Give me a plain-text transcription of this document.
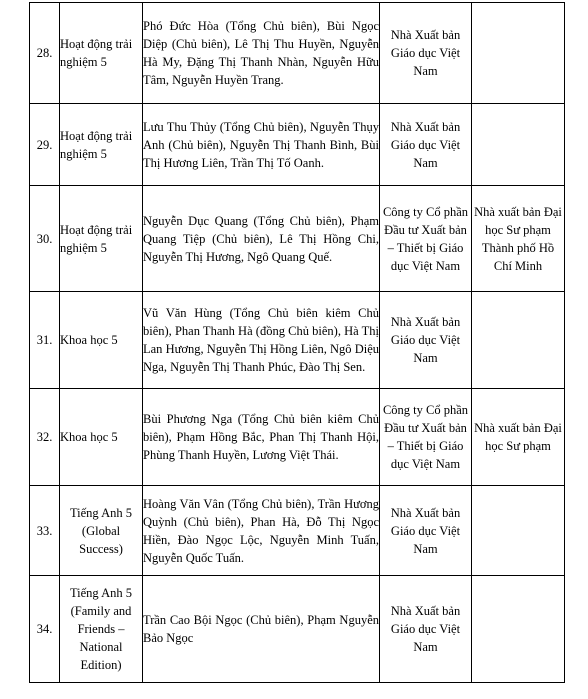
28.	Hoạt động trải nghiệm 5	Phó Đức Hòa (Tổng Chủ biên), Bùi Ngọc Diệp (Chủ biên), Lê Thị Thu Huyền, Nguyễn Hà My, Đặng Thị Thanh Nhàn, Nguyễn Hữu Tâm, Nguyễn Huyền Trang.	Nhà Xuất bản Giáo dục Việt Nam	
29.	Hoạt động trải nghiệm 5	Lưu Thu Thủy (Tổng Chủ biên), Nguyễn Thụy Anh (Chủ biên), Nguyễn Thị Thanh Bình, Bùi Thị Hương Liên, Trần Thị Tố Oanh.	Nhà Xuất bản Giáo dục Việt Nam	
30.	Hoạt động trải nghiệm 5	Nguyễn Dục Quang (Tổng Chủ biên), Phạm Quang Tiệp (Chủ biên), Lê Thị Hồng Chi, Nguyễn Thị Hương, Ngô Quang Quế.	Công ty Cổ phần Đầu tư Xuất bản – Thiết bị Giáo dục Việt Nam	Nhà xuất bản Đại học Sư phạm Thành phố Hồ Chí Minh
31.	Khoa học 5	Vũ Văn Hùng (Tổng Chủ biên kiêm Chủ biên), Phan Thanh Hà (đồng Chủ biên), Hà Thị Lan Hương, Nguyễn Thị Hồng Liên, Ngô Diệu Nga, Nguyễn Thị Thanh Phúc, Đào Thị Sen.	Nhà Xuất bản Giáo dục Việt Nam	
32.	Khoa học 5	Bùi Phương Nga (Tổng Chủ biên kiêm Chủ biên), Phạm Hồng Bắc, Phan Thị Thanh Hội, Phùng Thanh Huyền, Lương Việt Thái.	Công ty Cổ phần Đầu tư Xuất bản – Thiết bị Giáo dục Việt Nam	Nhà xuất bản Đại học Sư phạm
33.	Tiếng Anh 5 (Global Success)	Hoàng Văn Vân (Tổng Chủ biên), Trần Hương Quỳnh (Chủ biên), Phan Hà, Đỗ Thị Ngọc Hiền, Đào Ngọc Lộc, Nguyễn Minh Tuấn, Nguyễn Quốc Tuấn.	Nhà Xuất bản Giáo dục Việt Nam	
34.	Tiếng Anh 5 (Family and Friends – National Edition)	Trần Cao Bội Ngọc (Chủ biên), Phạm Nguyễn Bảo Ngọc	Nhà Xuất bản Giáo dục Việt Nam	
